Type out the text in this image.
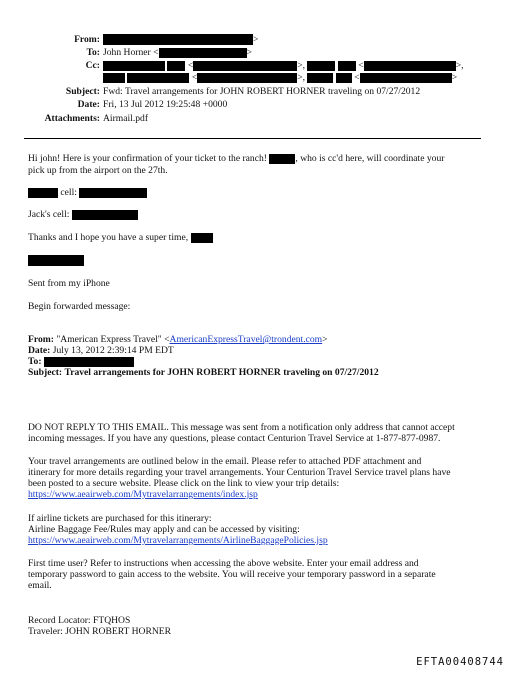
From:	>
To: John Horner <	>
Cc:	<	>,	<	>,
<	>,	<	>
Subject: Fwd: Travel arrangements for JOHN ROBERT HORNER traveling on 07/27/2012
Date: Fri, 13 Jul 2012 19:25:48 +0000
Attachments: Airmail.pdf
Hi john! Here is your confirmation of your ticket to the ranch!	, who is cc'd here, will coordinate your
pick up from the airport on the 27th.
cell:
Jack's cell:
Thanks and I hope you have a super time,
Sent from my iPhone
Begin forwarded message:
From: "American Express Travel" <AmericanExpressTravel@trondent.com>
Date: July 13, 2012 2:39:14 PM EDT
To:
Subject: Travel arrangements for JOHN ROBERT HORNER traveling on 07/27/2012
DO NOT REPLY TO THIS EMAIL. This message was sent from a notification only address that cannot accept
incoming messages. If you have any questions, please contact Centurion Travel Service at 1-877-877-0987.
Your travel arrangements are outlined below in the email. Please refer to attached PDF attachment and
itinerary for more details regarding your travel arrangements. Your Centurion Travel Service travel plans have
been posted to a secure website. Please click on the link to view your trip details:
https://www.aeairweb.com/Mytravelarrangements/index.jsp
If airline tickets are purchased for this itinerary:
Airline Baggage Fee/Rules may apply and can be accessed by visiting:
https://www.aeairweb.com/Mytravelarrangements/AirlineBaggagePolicies.jsp
First time user? Refer to instructions when accessing the above website. Enter your email address and
temporary password to gain access to the website. You will receive your temporary password in a separate
email.
Record Locator: FTQHOS
Traveler: JOHN ROBERT HORNER
EFTA00408744
